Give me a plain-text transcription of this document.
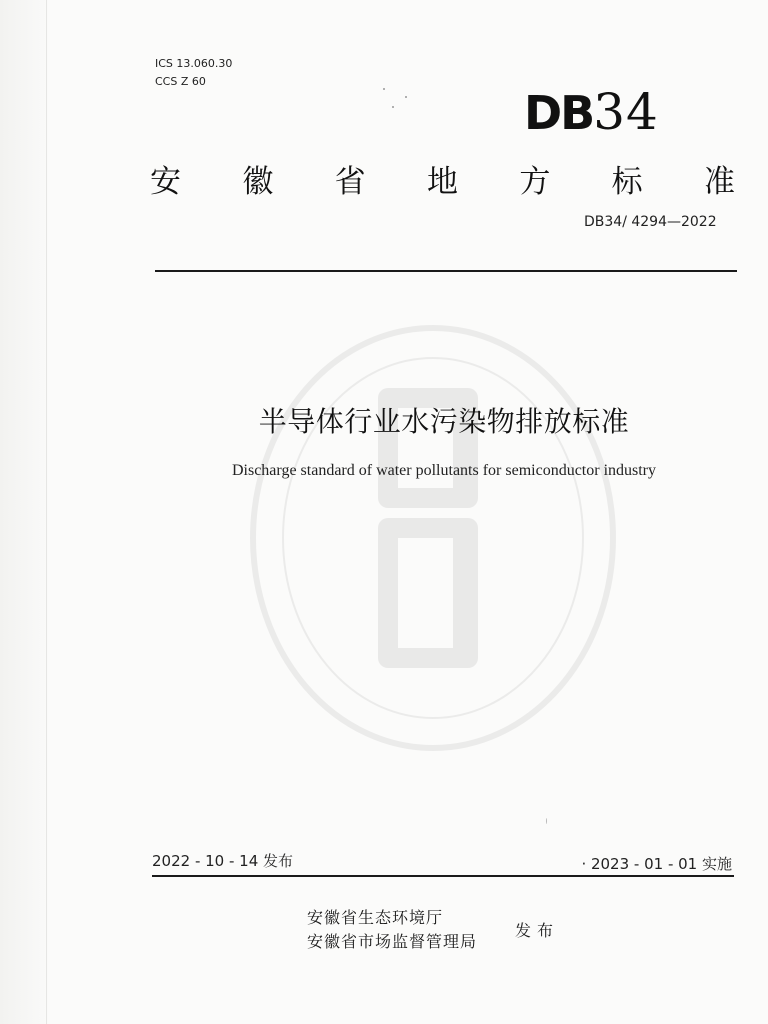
ICS 13.060.30
CCS Z 60
DB34
安 徽 省 地 方 标 准
DB34/ 4294—2022
半导体行业水污染物排放标准
Discharge standard of water pollutants for semiconductor industry
2022 - 10 - 14 发布	· 2023 - 01 - 01 实施
安徽省生态环境厅
安徽省市场监督管理局
发布
